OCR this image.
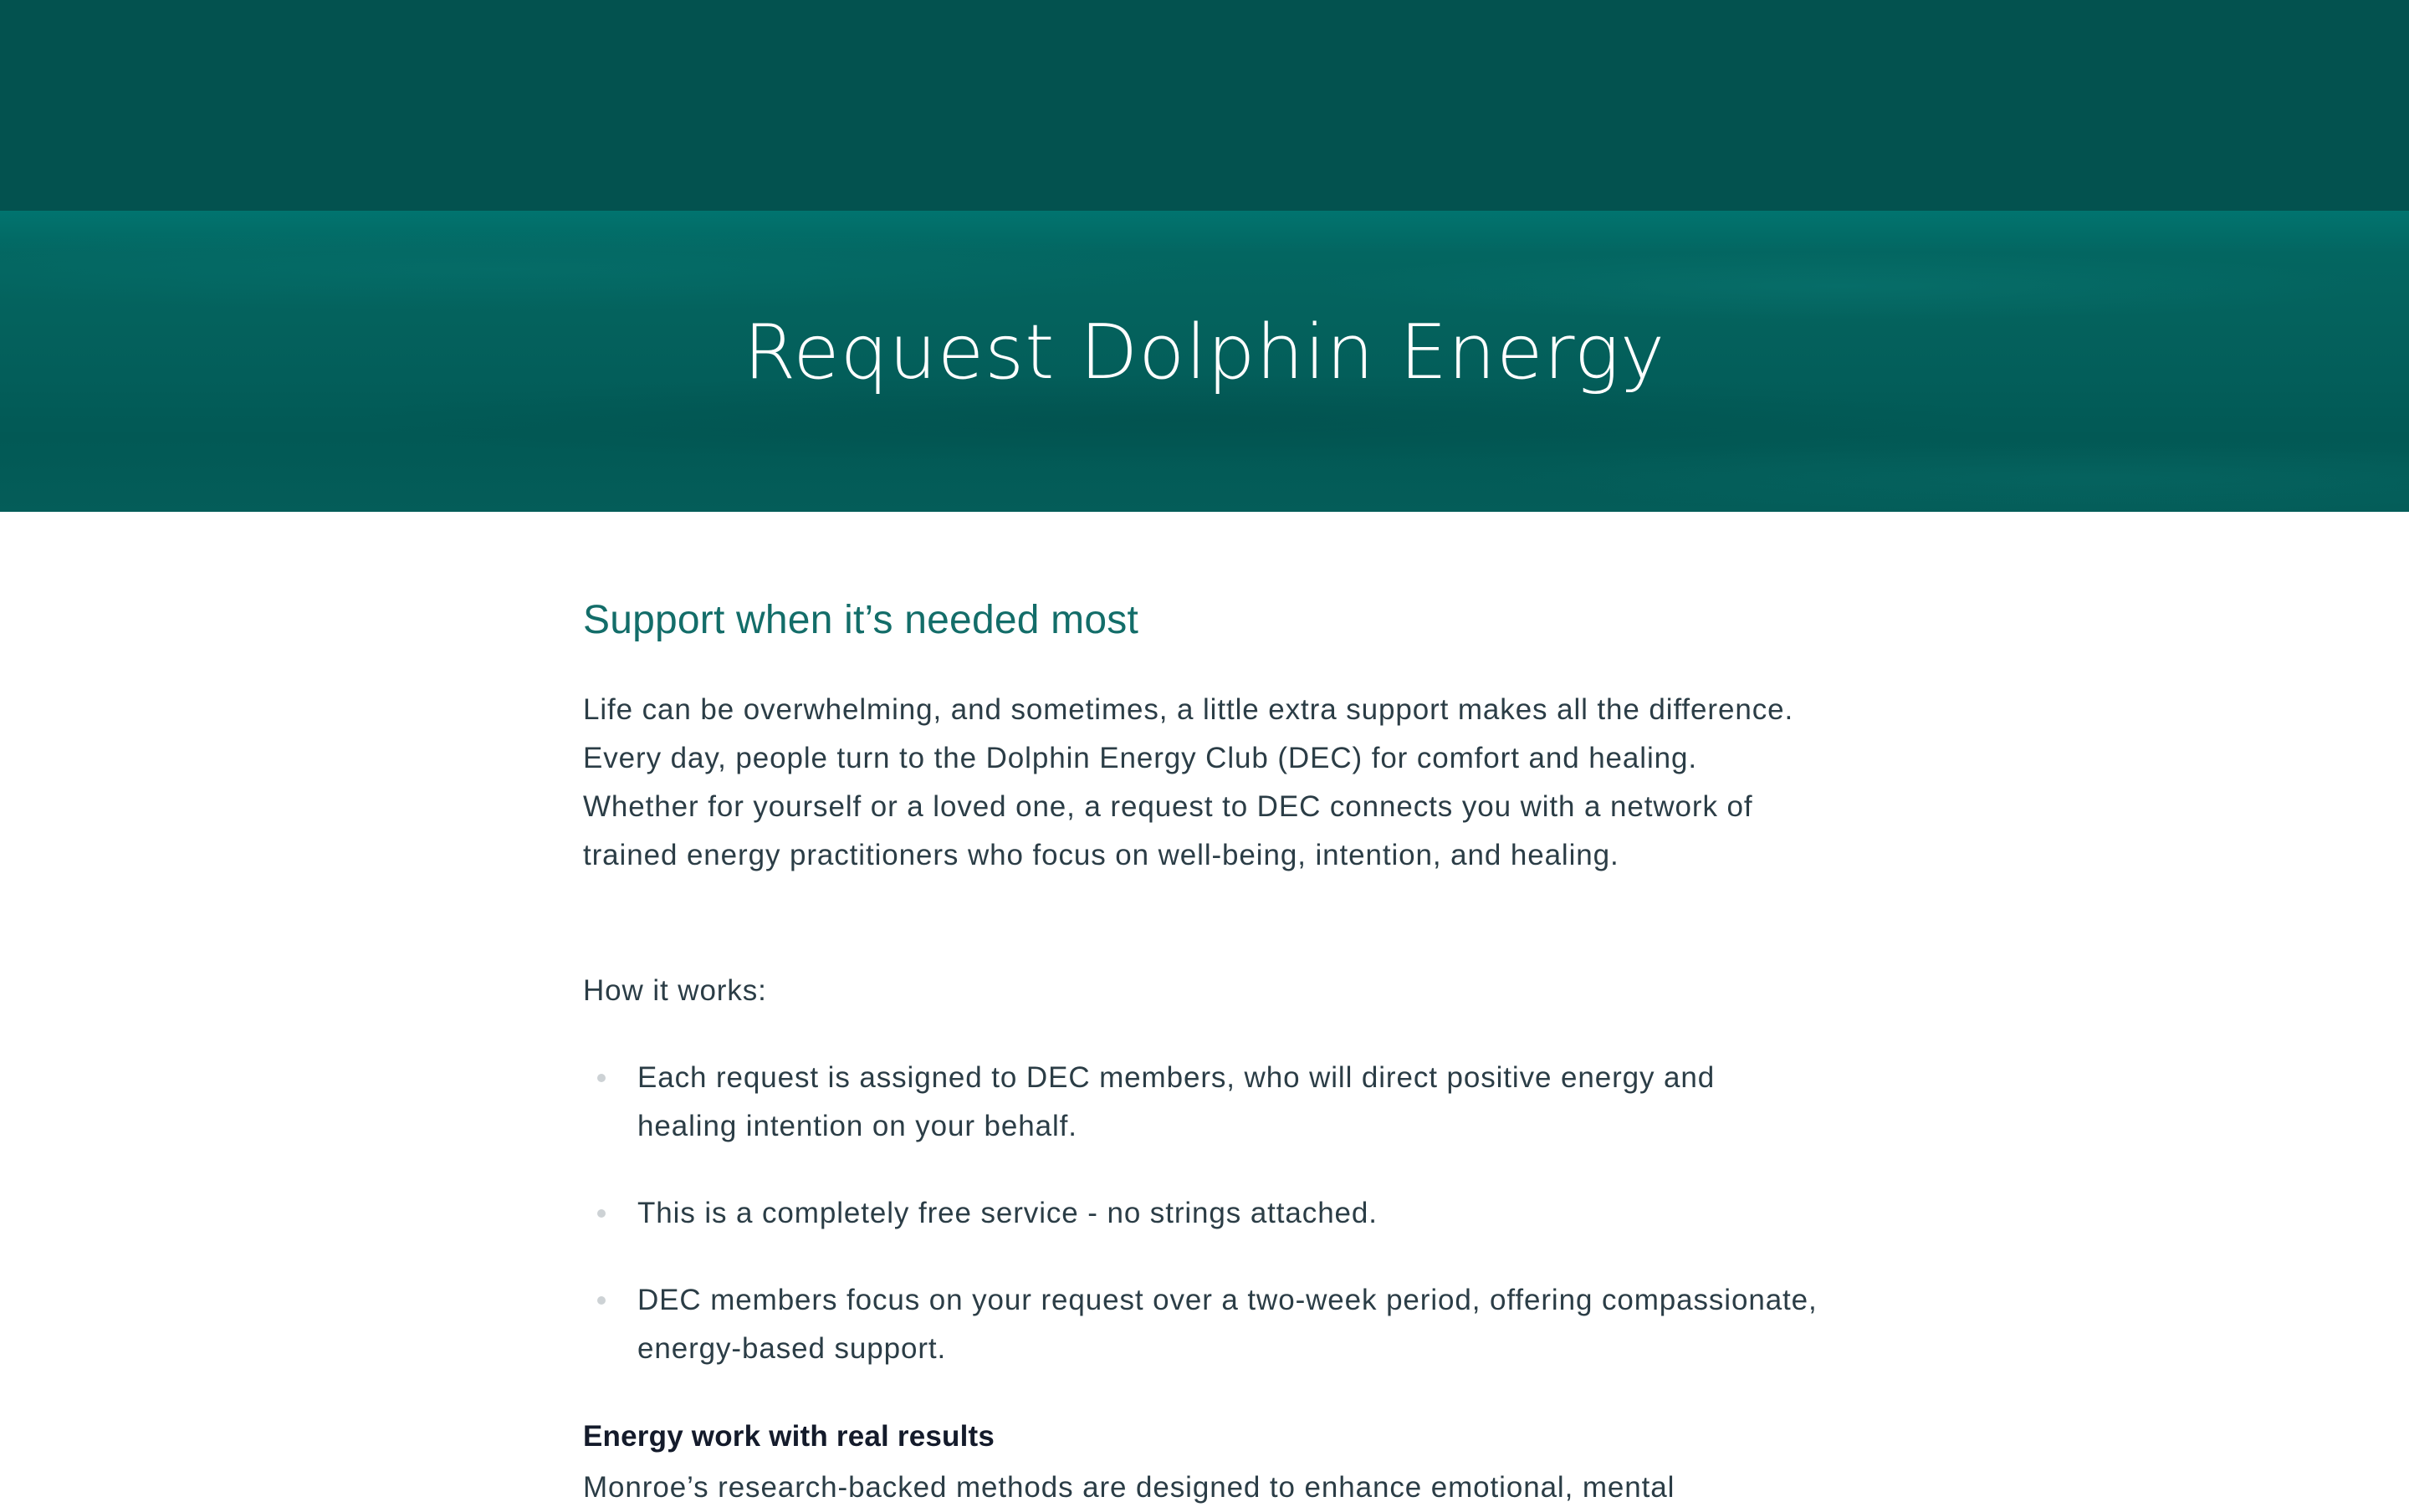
Request Dolphin Energy
Support when it’s needed most

Life can be overwhelming, and sometimes, a little extra support makes all the difference. Every day, people turn to the Dolphin Energy Club (DEC) for comfort and healing. Whether for yourself or a loved one, a request to DEC connects you with a network of trained energy practitioners who focus on well-being, intention, and healing.

How it works:

Each request is assigned to DEC members, who will direct positive energy and healing intention on your behalf.
This is a completely free service - no strings attached.
DEC members focus on your request over a two-week period, offering compassionate, energy-based support.
Energy work with real results

Monroe’s research-backed methods are designed to enhance emotional, mental
